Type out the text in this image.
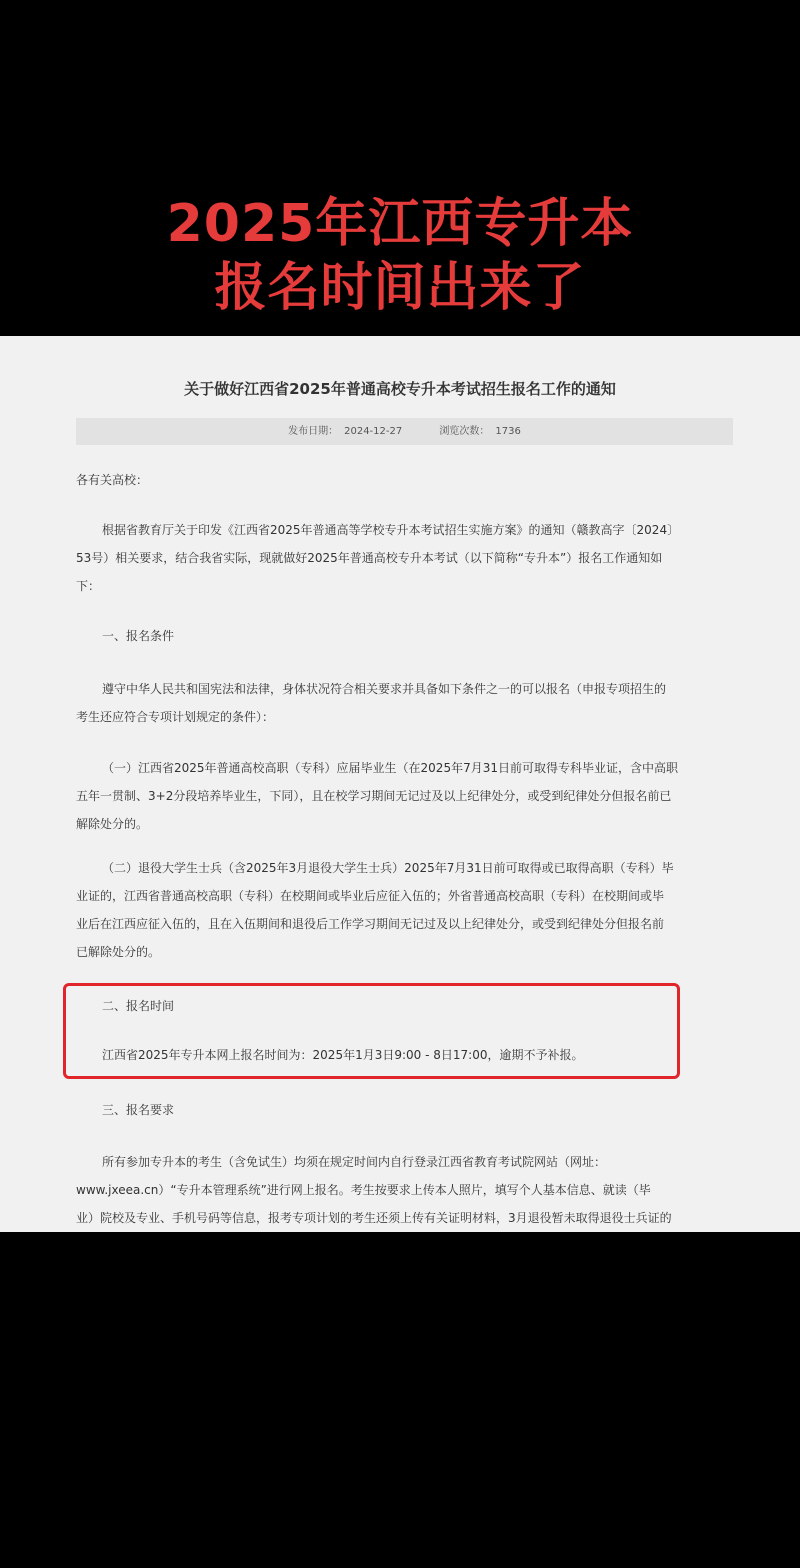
2025年江西专升本
报名时间出来了
关于做好江西省2025年普通高校专升本考试招生报名工作的通知
发布日期： 2024-12-27	浏览次数： 1736
各有关高校：
根据省教育厅关于印发《江西省2025年普通高等学校专升本考试招生实施方案》的通知（赣教高字〔2024〕
53号）相关要求，结合我省实际，现就做好2025年普通高校专升本考试（以下简称“专升本”）报名工作通知如
下：
一、报名条件
遵守中华人民共和国宪法和法律，身体状况符合相关要求并具备如下条件之一的可以报名（申报专项招生的
考生还应符合专项计划规定的条件）：
（一）江西省2025年普通高校高职（专科）应届毕业生（在2025年7月31日前可取得专科毕业证，含中高职
五年一贯制、3+2分段培养毕业生，下同），且在校学习期间无记过及以上纪律处分，或受到纪律处分但报名前已
解除处分的。
（二）退役大学生士兵（含2025年3月退役大学生士兵）2025年7月31日前可取得或已取得高职（专科）毕
业证的，江西省普通高校高职（专科）在校期间或毕业后应征入伍的；外省普通高校高职（专科）在校期间或毕
业后在江西应征入伍的，且在入伍期间和退役后工作学习期间无记过及以上纪律处分，或受到纪律处分但报名前
已解除处分的。
二、报名时间
江西省2025年专升本网上报名时间为：2025年1月3日9:00 - 8日17:00，逾期不予补报。
三、报名要求
所有参加专升本的考生（含免试生）均须在规定时间内自行登录江西省教育考试院网站（网址：
www.jxeea.cn）“专升本管理系统”进行网上报名。考生按要求上传本人照片，填写个人基本信息、就读（毕
业）院校及专业、手机号码等信息，报考专项计划的考生还须上传有关证明材料，3月退役暂未取得退役士兵证的
